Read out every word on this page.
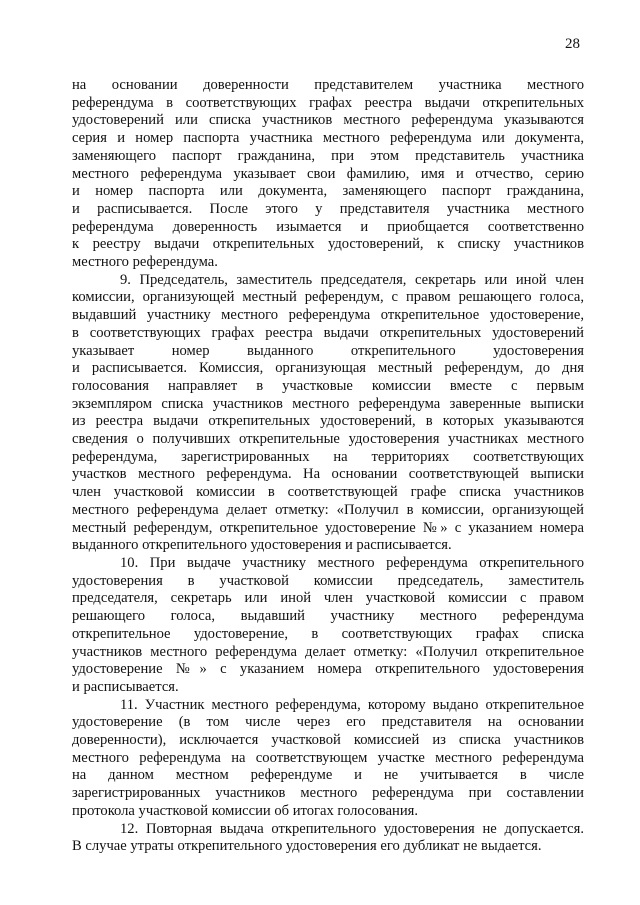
28

на основании доверенности представителем участника местного
референдума в соответствующих графах реестра выдачи открепительных
удостоверений или списка участников местного референдума указываются
серия и номер паспорта участника местного референдума или документа,
заменяющего паспорт гражданина, при этом представитель участника
местного референдума указывает свои фамилию, имя и отчество, серию
и номер паспорта или документа, заменяющего паспорт гражданина,
и расписывается. После этого у представителя участника местного
референдума доверенность изымается и приобщается соответственно
к реестру выдачи открепительных удостоверений, к списку участников
местного референдума.

9. Председатель, заместитель председателя, секретарь или иной член
комиссии, организующей местный референдум, с правом решающего голоса,
выдавший участнику местного референдума открепительное удостоверение,
в соответствующих графах реестра выдачи открепительных удостоверений
указывает номер выданного открепительного удостоверения
и расписывается. Комиссия, организующая местный референдум, до дня
голосования направляет в участковые комиссии вместе с первым
экземпляром списка участников местного референдума заверенные выписки
из реестра выдачи открепительных удостоверений, в которых указываются
сведения о получивших открепительные удостоверения участниках местного
референдума, зарегистрированных на территориях соответствующих
участков местного референдума. На основании соответствующей выписки
член участковой комиссии в соответствующей графе списка участников
местного референдума делает отметку: «Получил в комиссии, организующей
местный референдум, открепительное удостоверение №» с указанием номера
выданного открепительного удостоверения и расписывается.

10. При выдаче участнику местного референдума открепительного
удостоверения в участковой комиссии председатель, заместитель
председателя, секретарь или иной член участковой комиссии с правом
решающего голоса, выдавший участнику местного референдума
открепительное удостоверение, в соответствующих графах списка
участников местного референдума делает отметку: «Получил открепительное
удостоверение №» с указанием номера открепительного удостоверения
и расписывается.

11. Участник местного референдума, которому выдано открепительное
удостоверение (в том числе через его представителя на основании
доверенности), исключается участковой комиссией из списка участников
местного референдума на соответствующем участке местного референдума
на данном местном референдуме и не учитывается в числе
зарегистрированных участников местного референдума при составлении
протокола участковой комиссии об итогах голосования.

12. Повторная выдача открепительного удостоверения не допускается.
В случае утраты открепительного удостоверения его дубликат не выдается.
